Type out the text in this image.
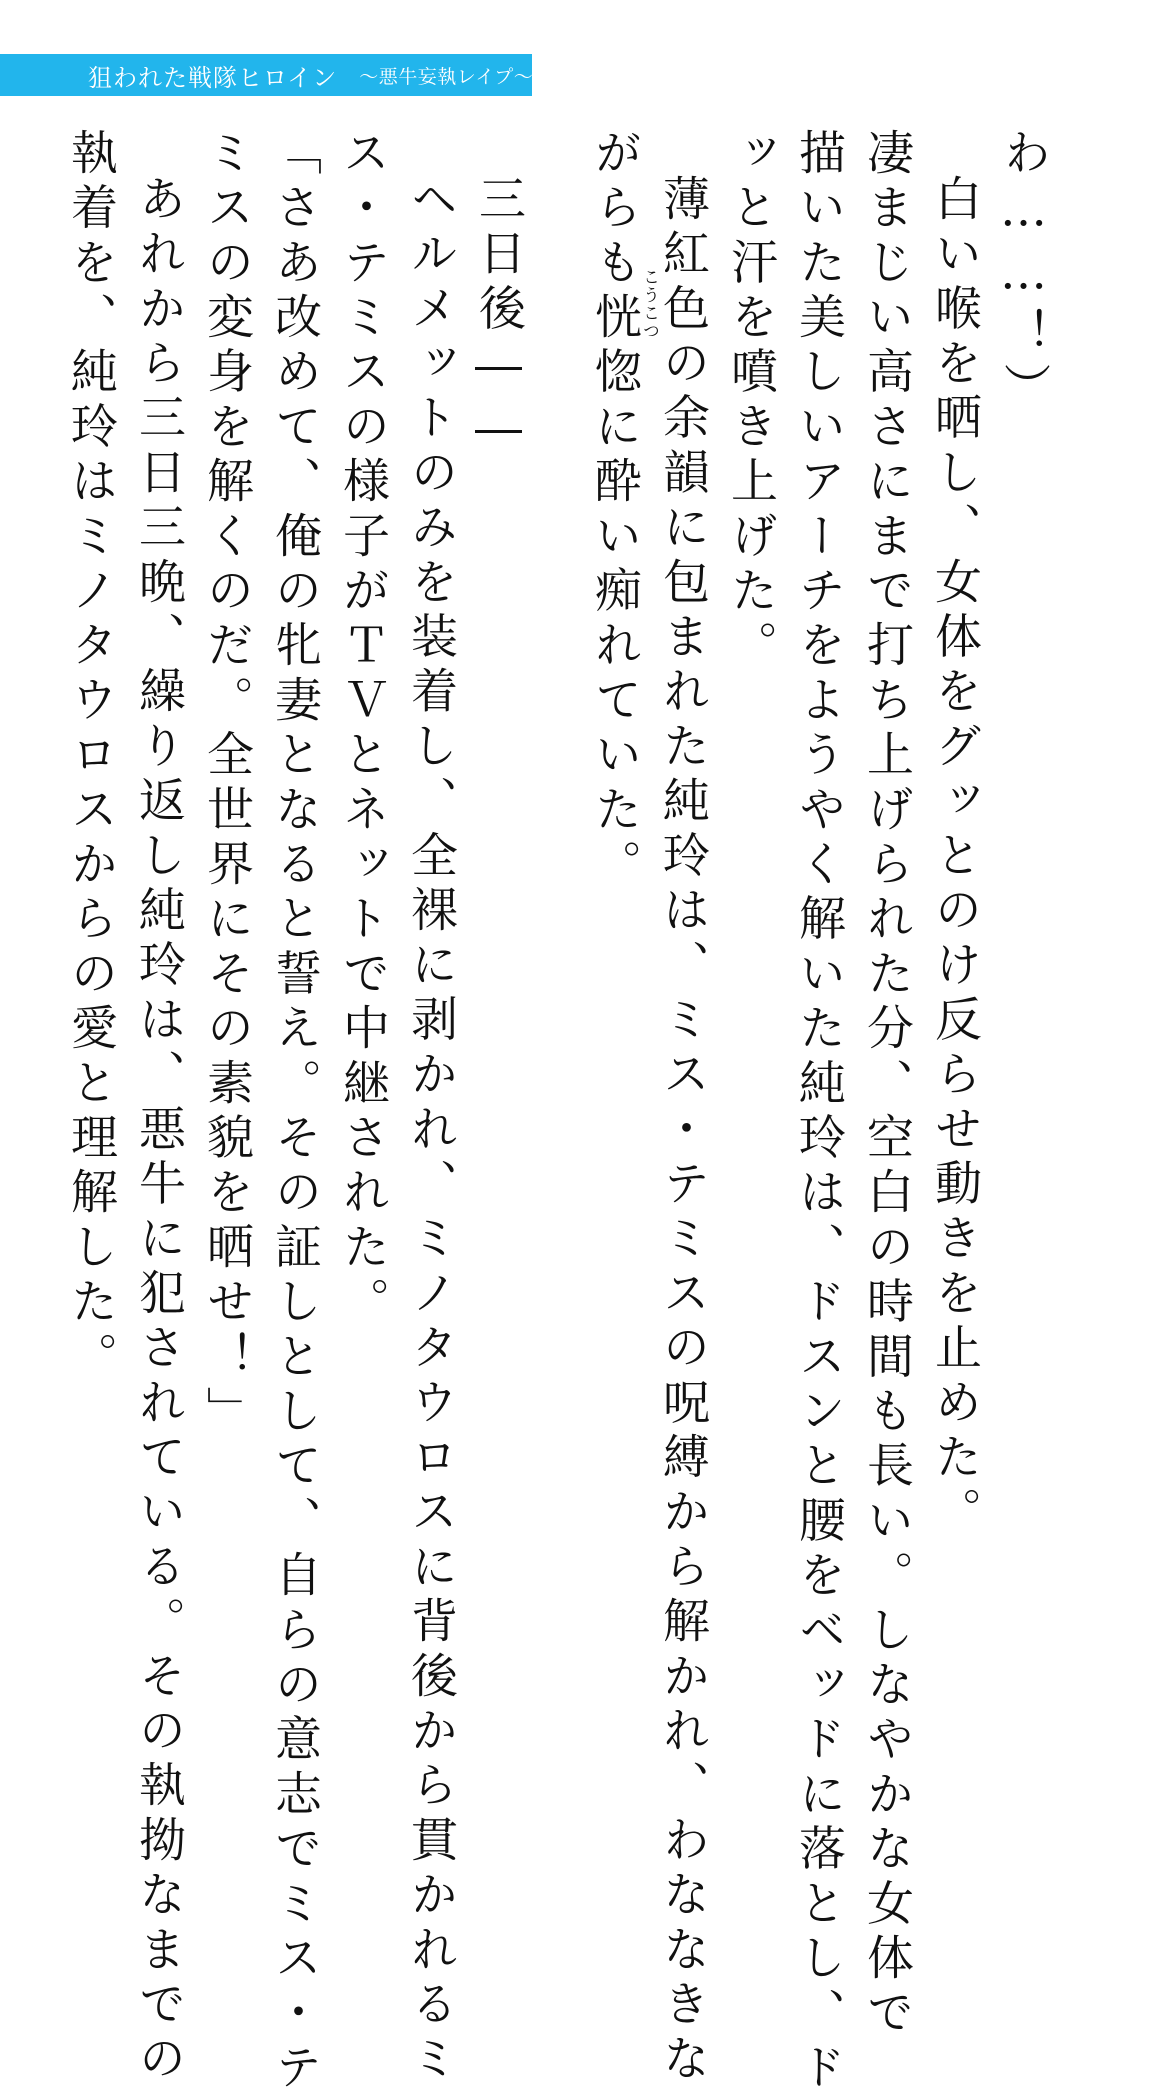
狙われた戦隊ヒロイン 〜悪牛妄執レイプ〜
わ……！）
白い喉を晒し、女体をグッとのけ反らせ動きを止めた。
凄まじい高さにまで打ち上げられた分、空白の時間も長い。しなやかな女体で
描いた美しいアーチをようやく解いた純玲は、ドスンと腰をベッドに落とし、ド
ッと汗を噴き上げた。
薄紅色の余韻に包まれた純玲は、ミス・テミスの呪縛から解かれ、わななきな
がらも恍惚に酔い痴れていた。
こうこつ
三日後――
ヘルメットのみを装着し、全裸に剥かれ、ミノタウロスに背後から貫かれるミ
ス・テミスの様子がＴＶとネットで中継された。
「さあ改めて、俺の牝妻となると誓え。その証しとして、自らの意志でミス・テ
ミスの変身を解くのだ。全世界にその素貌を晒せ！」
あれから三日三晩、繰り返し純玲は、悪牛に犯されている。その執拗なまでの
執着を、純玲はミノタウロスからの愛と理解した。
